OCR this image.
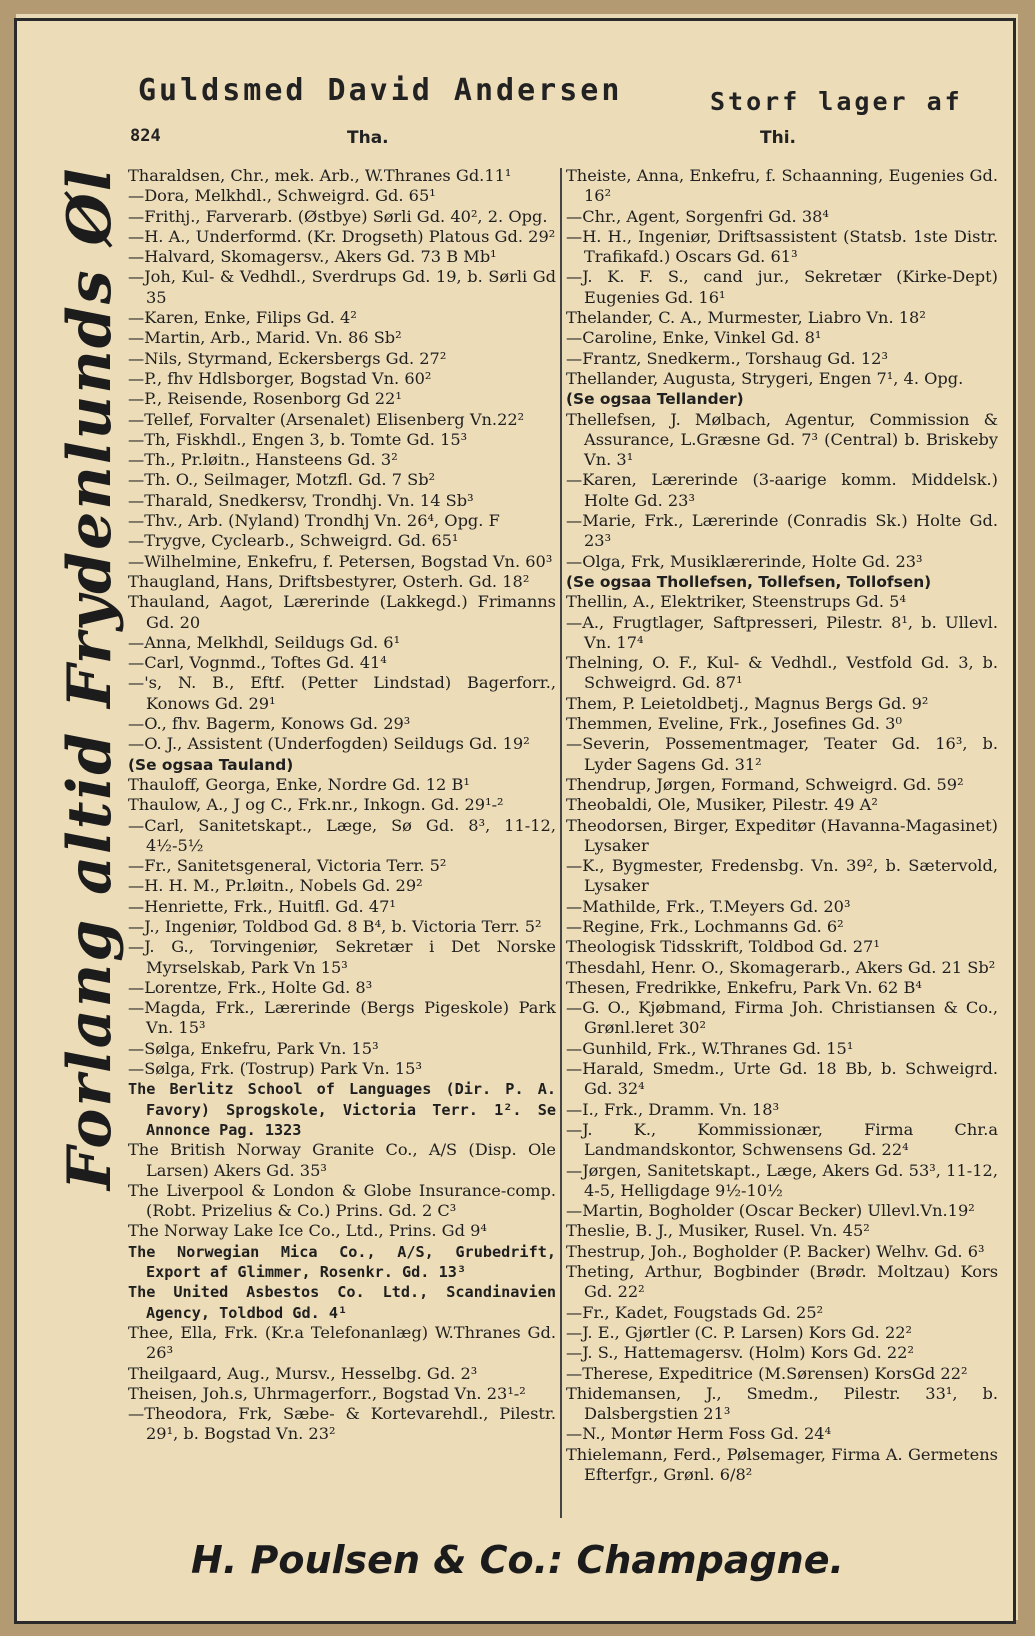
Guldsmed David Andersen	Storf lager af
824	Tha.	Thi.
Forlang altid Frydenlunds Øl Tharaldsen, Chr., mek. Arb., W.Thranes Gd.11¹
—Dora, Melkhdl., Schweigrd. Gd. 65¹
—Frithj., Farverarb. (Østbye) Sørli Gd. 40², 2. Opg.
—H. A., Underformd. (Kr. Drogseth) Platous Gd. 29²
—Halvard, Skomagersv., Akers Gd. 73 B Mb¹
—Joh, Kul- & Vedhdl., Sverdrups Gd. 19, b. Sørli Gd 35
—Karen, Enke, Filips Gd. 4²
—Martin, Arb., Marid. Vn. 86 Sb²
—Nils, Styrmand, Eckersbergs Gd. 27²
—P., fhv Hdlsborger, Bogstad Vn. 60²
—P., Reisende, Rosenborg Gd 22¹
—Tellef, Forvalter (Arsenalet) Elisenberg Vn.22²
—Th, Fiskhdl., Engen 3, b. Tomte Gd. 15³
—Th., Pr.løitn., Hansteens Gd. 3²
—Th. O., Seilmager, Motzfl. Gd. 7 Sb²
—Tharald, Snedkersv, Trondhj. Vn. 14 Sb³
—Thv., Arb. (Nyland) Trondhj Vn. 26⁴, Opg. F
—Trygve, Cyclearb., Schweigrd. Gd. 65¹
—Wilhelmine, Enkefru, f. Petersen, Bogstad Vn. 60³
Thaugland, Hans, Driftsbestyrer, Osterh. Gd. 18²
Thauland, Aagot, Lærerinde (Lakkegd.) Frimanns Gd. 20
—Anna, Melkhdl, Seildugs Gd. 6¹
—Carl, Vognmd., Toftes Gd. 41⁴
—'s, N. B., Eftf. (Petter Lindstad) Bagerforr., Konows Gd. 29¹
—O., fhv. Bagerm, Konows Gd. 29³
—O. J., Assistent (Underfogden) Seildugs Gd. 19²
(Se ogsaa Tauland)
Thauloff, Georga, Enke, Nordre Gd. 12 B¹
Thaulow, A., J og C., Frk.nr., Inkogn. Gd. 29¹-²
—Carl, Sanitetskapt., Læge, Sø Gd. 8³, 11-12, 4½-5½
—Fr., Sanitetsgeneral, Victoria Terr. 5²
—H. H. M., Pr.løitn., Nobels Gd. 29²
—Henriette, Frk., Huitfl. Gd. 47¹
—J., Ingeniør, Toldbod Gd. 8 B⁴, b. Victoria Terr. 5²
—J. G., Torvingeniør, Sekretær i Det Norske Myrselskab, Park Vn 15³
—Lorentze, Frk., Holte Gd. 8³
—Magda, Frk., Lærerinde (Bergs Pigeskole) Park Vn. 15³
—Sølga, Enkefru, Park Vn. 15³
—Sølga, Frk. (Tostrup) Park Vn. 15³
The Berlitz School of Languages (Dir. P. A. Favory) Sprogskole, Victoria Terr. 1². Se Annonce Pag. 1323
The British Norway Granite Co., A/S (Disp. Ole Larsen) Akers Gd. 35³
The Liverpool & London & Globe Insurance-comp. (Robt. Prizelius & Co.) Prins. Gd. 2 C³
The Norway Lake Ice Co., Ltd., Prins. Gd 9⁴
The Norwegian Mica Co., A/S, Grubedrift, Export af Glimmer, Rosenkr. Gd. 13³
The United Asbestos Co. Ltd., Scandinavien Agency, Toldbod Gd. 4¹
Thee, Ella, Frk. (Kr.a Telefonanlæg) W.Thranes Gd. 26³
Theilgaard, Aug., Mursv., Hesselbg. Gd. 2³
Theisen, Joh.s, Uhrmagerforr., Bogstad Vn. 23¹-²
—Theodora, Frk, Sæbe- & Kortevarehdl., Pilestr. 29¹, b. Bogstad Vn. 23²
Theiste, Anna, Enkefru, f. Schaanning, Eugenies Gd. 16²
—Chr., Agent, Sorgenfri Gd. 38⁴
—H. H., Ingeniør, Driftsassistent (Statsb. 1ste Distr. Trafikafd.) Oscars Gd. 61³
—J. K. F. S., cand jur., Sekretær (Kirke-Dept) Eugenies Gd. 16¹
Thelander, C. A., Murmester, Liabro Vn. 18²
—Caroline, Enke, Vinkel Gd. 8¹
—Frantz, Snedkerm., Torshaug Gd. 12³
Thellander, Augusta, Strygeri, Engen 7¹, 4. Opg.
(Se ogsaa Tellander)
Thellefsen, J. Mølbach, Agentur, Commission & Assurance, L.Græsne Gd. 7³ (Central) b. Briskeby Vn. 3¹
—Karen, Lærerinde (3-aarige komm. Middelsk.) Holte Gd. 23³
—Marie, Frk., Lærerinde (Conradis Sk.) Holte Gd. 23³
—Olga, Frk, Musiklærerinde, Holte Gd. 23³
(Se ogsaa Thollefsen, Tollefsen, Tollofsen)
Thellin, A., Elektriker, Steenstrups Gd. 5⁴
—A., Frugtlager, Saftpresseri, Pilestr. 8¹, b. Ullevl. Vn. 17⁴
Thelning, O. F., Kul- & Vedhdl., Vestfold Gd. 3, b. Schweigrd. Gd. 87¹
Them, P. Leietoldbetj., Magnus Bergs Gd. 9²
Themmen, Eveline, Frk., Josefines Gd. 3⁰
—Severin, Possementmager, Teater Gd. 16³, b. Lyder Sagens Gd. 31²
Thendrup, Jørgen, Formand, Schweigrd. Gd. 59²
Theobaldi, Ole, Musiker, Pilestr. 49 A²
Theodorsen, Birger, Expeditør (Havanna-Magasinet) Lysaker
—K., Bygmester, Fredensbg. Vn. 39², b. Sætervold, Lysaker
—Mathilde, Frk., T.Meyers Gd. 20³
—Regine, Frk., Lochmanns Gd. 6²
Theologisk Tidsskrift, Toldbod Gd. 27¹
Thesdahl, Henr. O., Skomagerarb., Akers Gd. 21 Sb²
Thesen, Fredrikke, Enkefru, Park Vn. 62 B⁴
—G. O., Kjøbmand, Firma Joh. Christiansen & Co., Grønl.leret 30²
—Gunhild, Frk., W.Thranes Gd. 15¹
—Harald, Smedm., Urte Gd. 18 Bb, b. Schweigrd. Gd. 32⁴
—I., Frk., Dramm. Vn. 18³
—J. K., Kommissionær, Firma Chr.a Landmandskontor, Schwensens Gd. 22⁴
—Jørgen, Sanitetskapt., Læge, Akers Gd. 53³, 11-12, 4-5, Helligdage 9½-10½
—Martin, Bogholder (Oscar Becker) Ullevl.Vn.19²
Theslie, B. J., Musiker, Rusel. Vn. 45²
Thestrup, Joh., Bogholder (P. Backer) Welhv. Gd. 6³
Theting, Arthur, Bogbinder (Brødr. Moltzau) Kors Gd. 22²
—Fr., Kadet, Fougstads Gd. 25²
—J. E., Gjørtler (C. P. Larsen) Kors Gd. 22²
—J. S., Hattemagersv. (Holm) Kors Gd. 22²
—Therese, Expeditrice (M.Sørensen) KorsGd 22²
Thidemansen, J., Smedm., Pilestr. 33¹, b. Dalsbergstien 21³
—N., Montør Herm Foss Gd. 24⁴
Thielemann, Ferd., Pølsemager, Firma A. Germetens Efterfgr., Grønl. 6/8²
H. Poulsen & Co.: Champagne.
